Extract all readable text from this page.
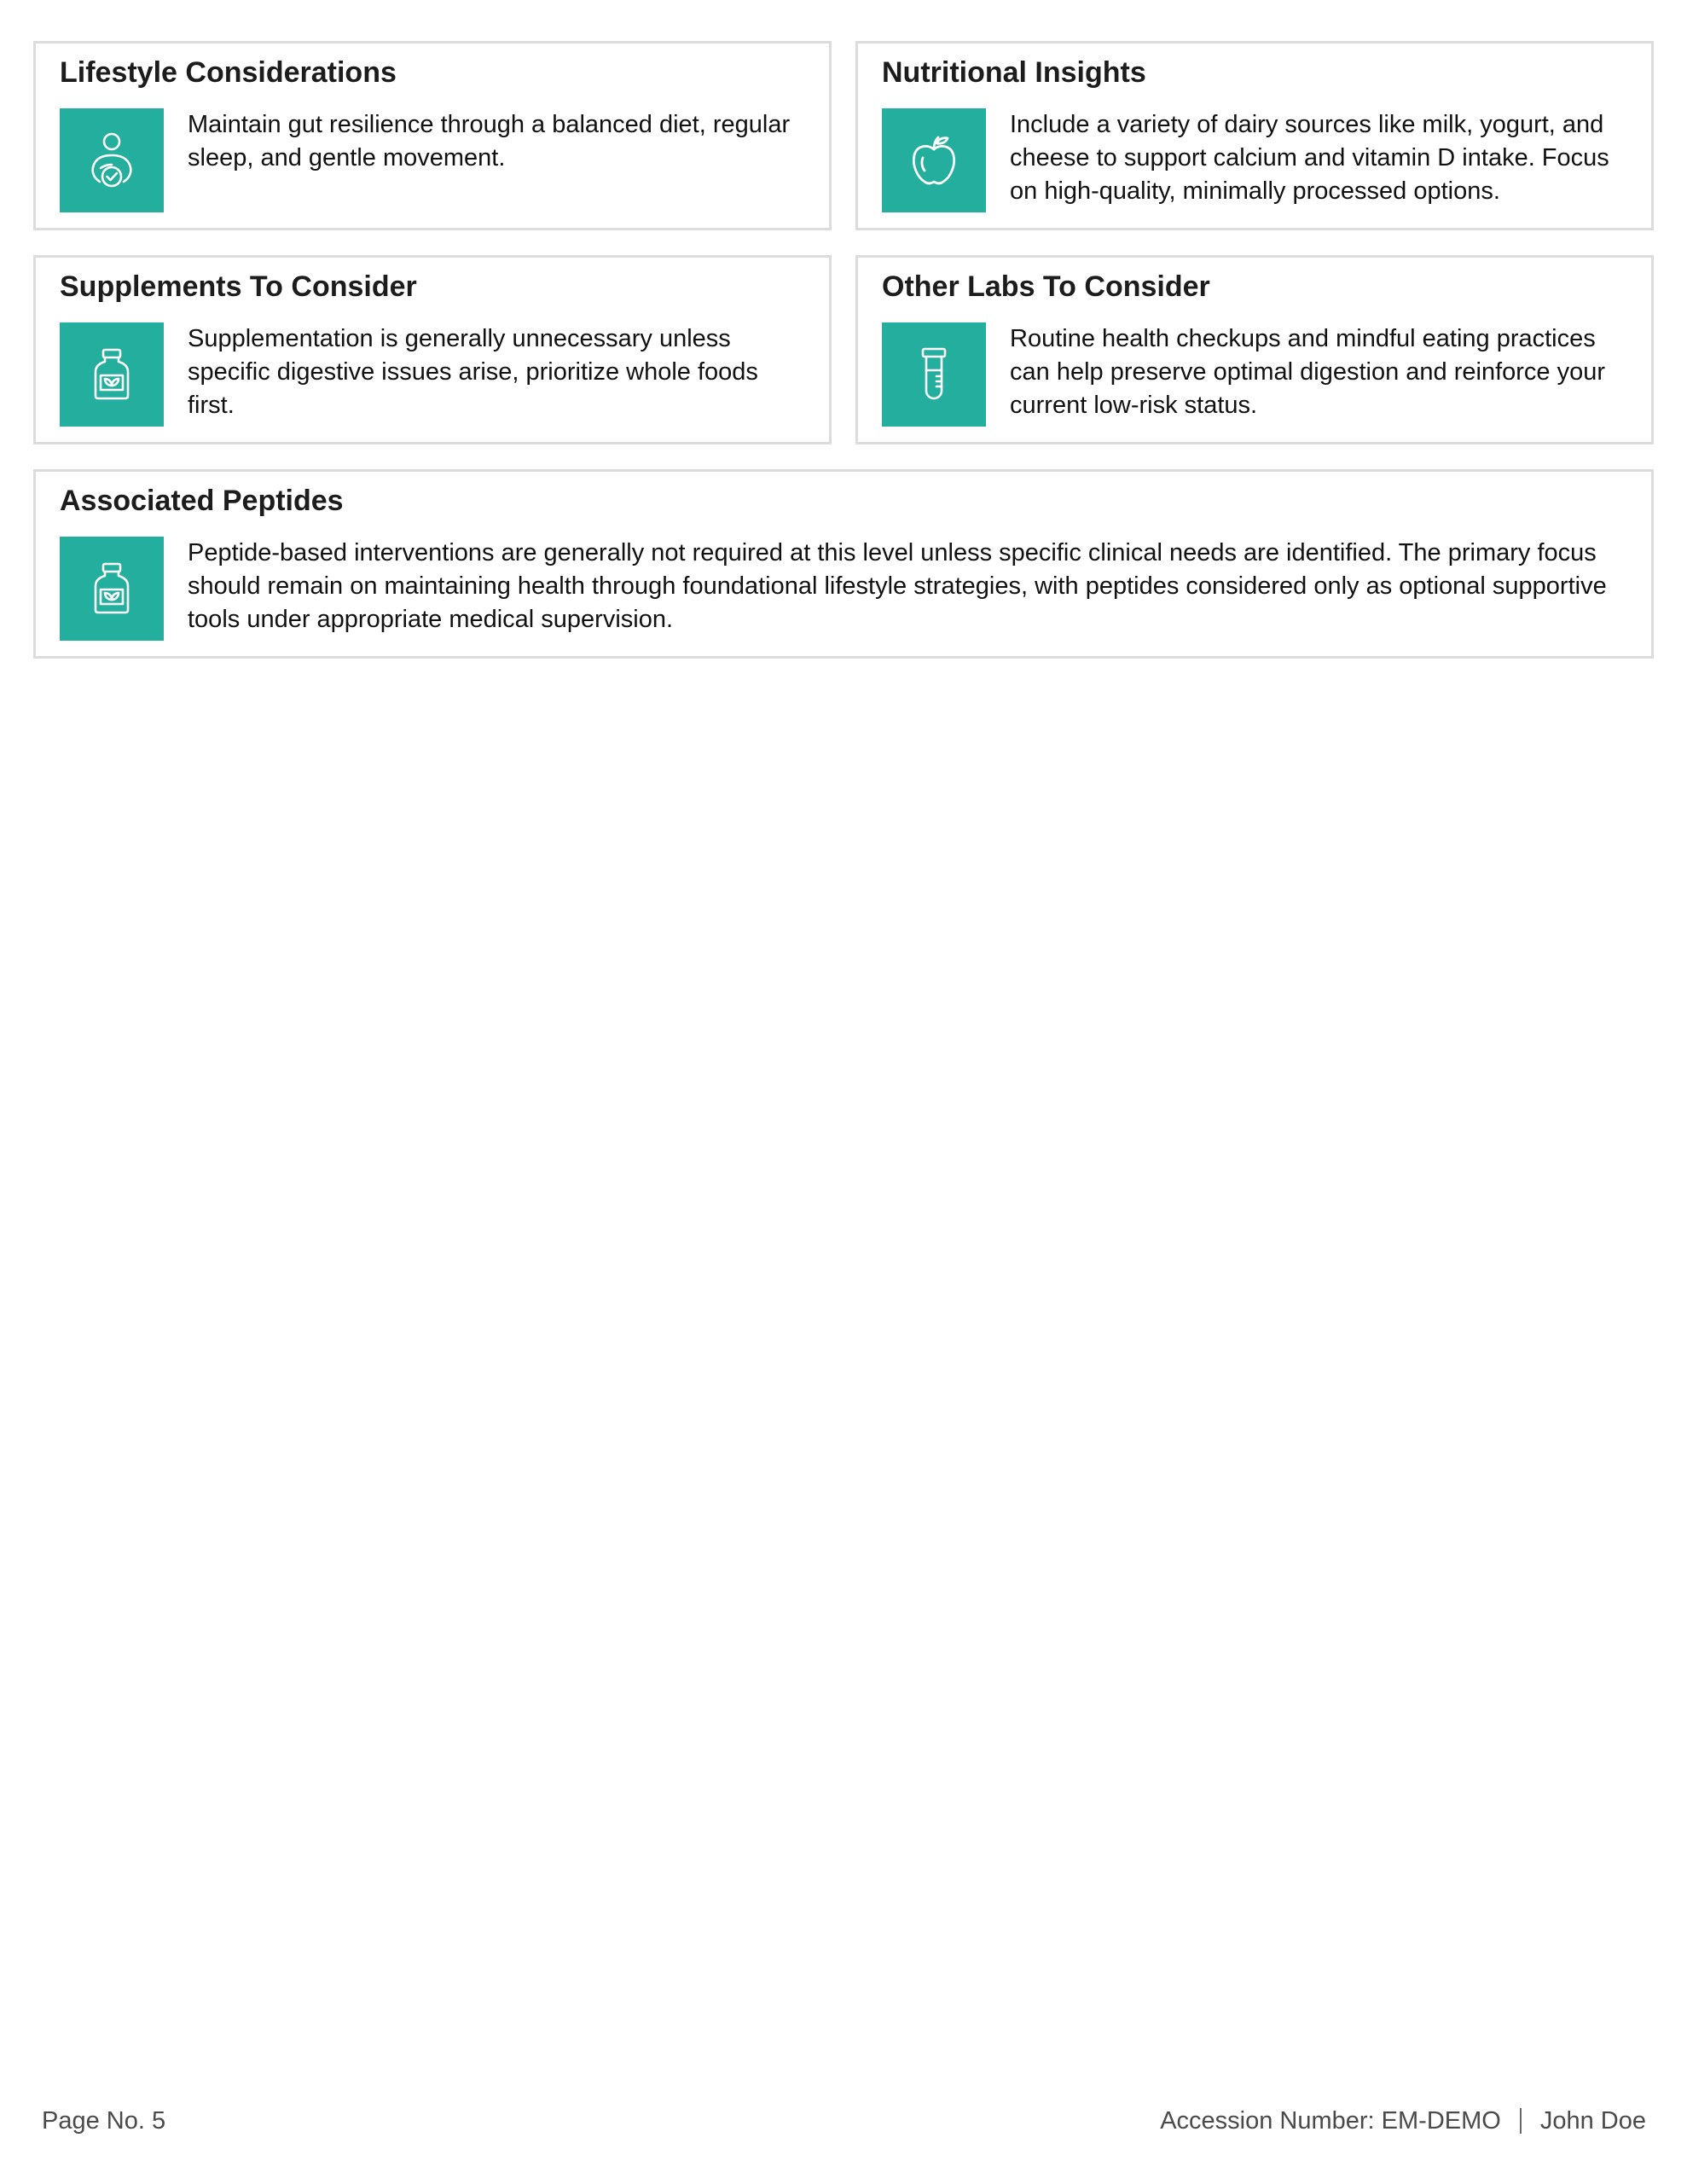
Lifestyle Considerations
Maintain gut resilience through a balanced diet, regular sleep, and gentle movement.
Nutritional Insights
Include a variety of dairy sources like milk, yogurt, and cheese to support calcium and vitamin D intake. Focus on high-quality, minimally processed options.
Supplements To Consider
Supplementation is generally unnecessary unless specific digestive issues arise, prioritize whole foods first.
Other Labs To Consider
Routine health checkups and mindful eating practices can help preserve optimal digestion and reinforce your current low-risk status.
Associated Peptides
Peptide-based interventions are generally not required at this level unless specific clinical needs are identified. The primary focus should remain on maintaining health through foundational lifestyle strategies, with peptides considered only as optional supportive tools under appropriate medical supervision.
Page No. 5	Accession Number: EM-DEMO John Doe
